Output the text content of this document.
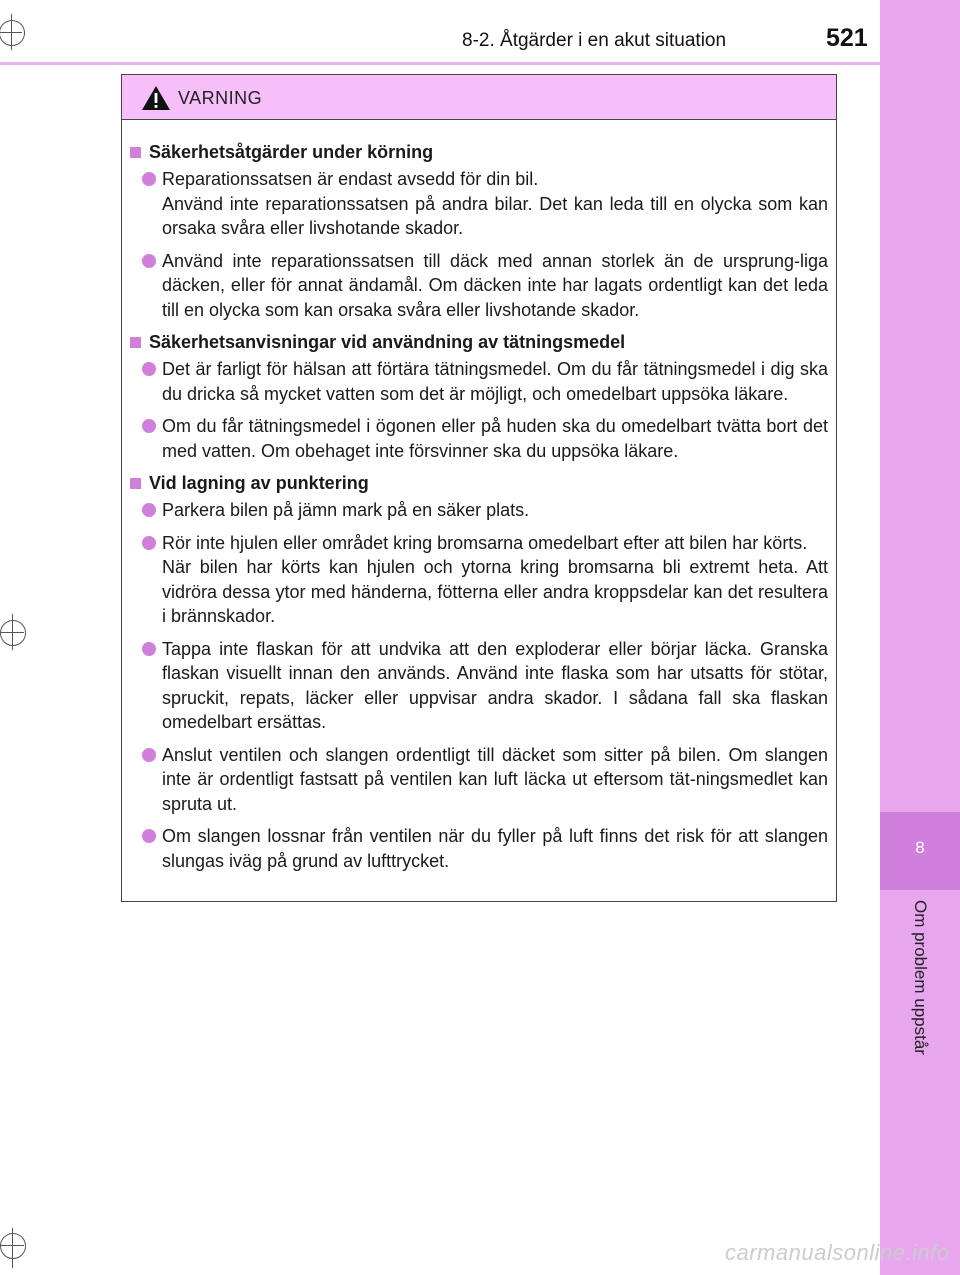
8
Om problem uppstår
8-2. Åtgärder i en akut situation	521
VARNING
Säkerhetsåtgärder under körning

Reparationssatsen är endast avsedd för din bil.

Använd inte reparationssatsen på andra bilar. Det kan leda till en olycka som kan orsaka svåra eller livshotande skador.

Använd inte reparationssatsen till däck med annan storlek än de ursprung-liga däcken, eller för annat ändamål. Om däcken inte har lagats ordentligt kan det leda till en olycka som kan orsaka svåra eller livshotande skador.

Säkerhetsanvisningar vid användning av tätningsmedel

Det är farligt för hälsan att förtära tätningsmedel. Om du får tätningsmedel i dig ska du dricka så mycket vatten som det är möjligt, och omedelbart uppsöka läkare.

Om du får tätningsmedel i ögonen eller på huden ska du omedelbart tvätta bort det med vatten. Om obehaget inte försvinner ska du uppsöka läkare.

Vid lagning av punktering

Parkera bilen på jämn mark på en säker plats.

Rör inte hjulen eller området kring bromsarna omedelbart efter att bilen har körts.

När bilen har körts kan hjulen och ytorna kring bromsarna bli extremt heta. Att vidröra dessa ytor med händerna, fötterna eller andra kroppsdelar kan det resultera i brännskador.

Tappa inte flaskan för att undvika att den exploderar eller börjar läcka. Granska flaskan visuellt innan den används. Använd inte flaska som har utsatts för stötar, spruckit, repats, läcker eller uppvisar andra skador. I sådana fall ska flaskan omedelbart ersättas.

Anslut ventilen och slangen ordentligt till däcket som sitter på bilen. Om slangen inte är ordentligt fastsatt på ventilen kan luft läcka ut eftersom tät-ningsmedlet kan spruta ut.

Om slangen lossnar från ventilen när du fyller på luft finns det risk för att slangen slungas iväg på grund av lufttrycket.

carmanualsonline.info
